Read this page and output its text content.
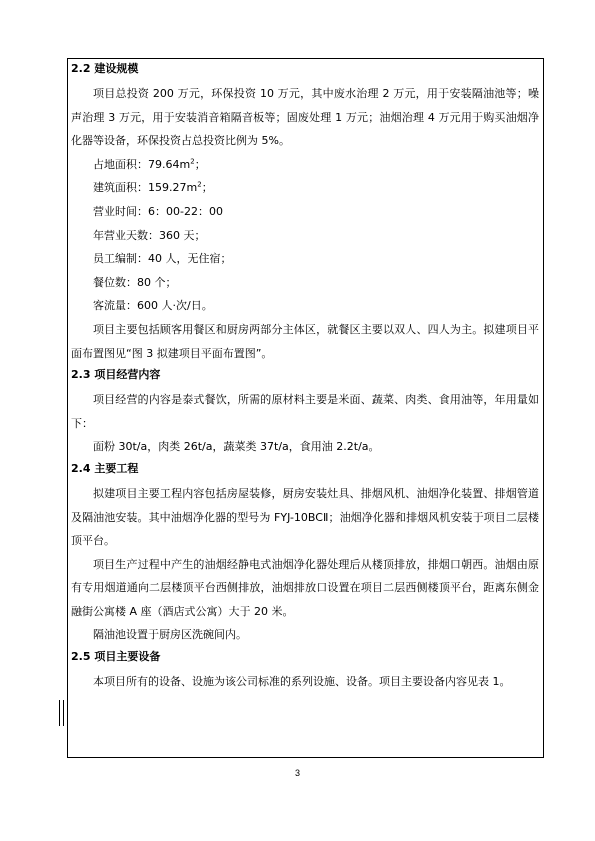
2.2 建设规模

项目总投资 200 万元，环保投资 10 万元，其中废水治理 2 万元，用于安装隔油池等；噪声治理 3 万元，用于安装消音箱隔音板等；固废处理 1 万元；油烟治理 4 万元用于购买油烟净化器等设备，环保投资占总投资比例为 5%。

占地面积：$79.64m^2$；

建筑面积：$159.27m^2$；

营业时间：6：00-22：00

年营业天数：360 天；

员工编制：40 人，无住宿；

餐位数：80 个；

客流量：600 人·次/日。

项目主要包括顾客用餐区和厨房两部分主体区，就餐区主要以双人、四人为主。拟建项目平面布置图见“图 3 拟建项目平面布置图”。

2.3 项目经营内容

项目经营的内容是泰式餐饮，所需的原材料主要是米面、蔬菜、肉类、食用油等，年用量如下：

面粉 30t/a，肉类 26t/a，蔬菜类 37t/a，食用油 2.2t/a。

2.4 主要工程

拟建项目主要工程内容包括房屋装修，厨房安装灶具、排烟风机、油烟净化装置、排烟管道及隔油池安装。其中油烟净化器的型号为 FYJ-10BCⅡ；油烟净化器和排烟风机安装于项目二层楼顶平台。

项目生产过程中产生的油烟经静电式油烟净化器处理后从楼顶排放，排烟口朝西。油烟由原有专用烟道通向二层楼顶平台西侧排放，油烟排放口设置在项目二层西侧楼顶平台，距离东侧金融街公寓楼 A 座（酒店式公寓）大于 20 米。

隔油池设置于厨房区洗碗间内。

2.5 项目主要设备

本项目所有的设备、设施为该公司标准的系列设施、设备。项目主要设备内容见表 1。

3
